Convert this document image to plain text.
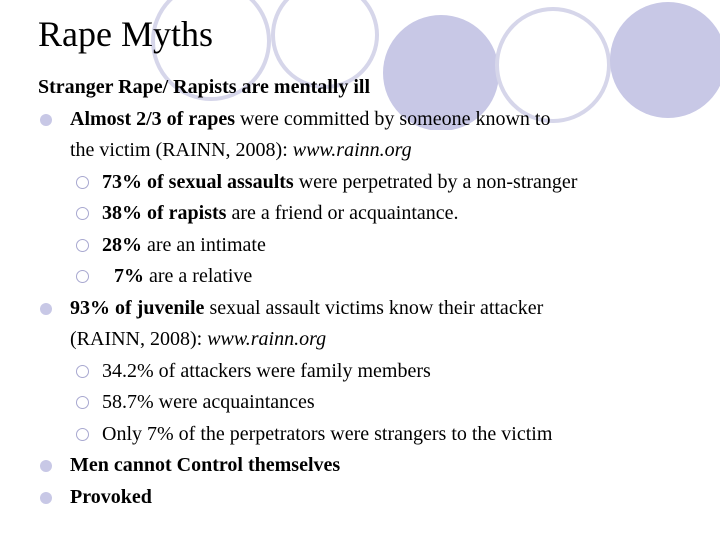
Rape Myths
Stranger Rape/ Rapists are mentally ill
Almost 2/3 of rapes were committed by someone known to
the victim (RAINN, 2008): www.rainn.org
73% of sexual assaults were perpetrated by a non-stranger
38% of rapists are a friend or acquaintance.
28% are an intimate
7% are a relative
93% of juvenile sexual assault victims know their attacker
(RAINN, 2008): www.rainn.org
34.2% of attackers were family members
58.7% were acquaintances
Only 7% of the perpetrators were strangers to the victim
Men cannot Control themselves
Provoked
